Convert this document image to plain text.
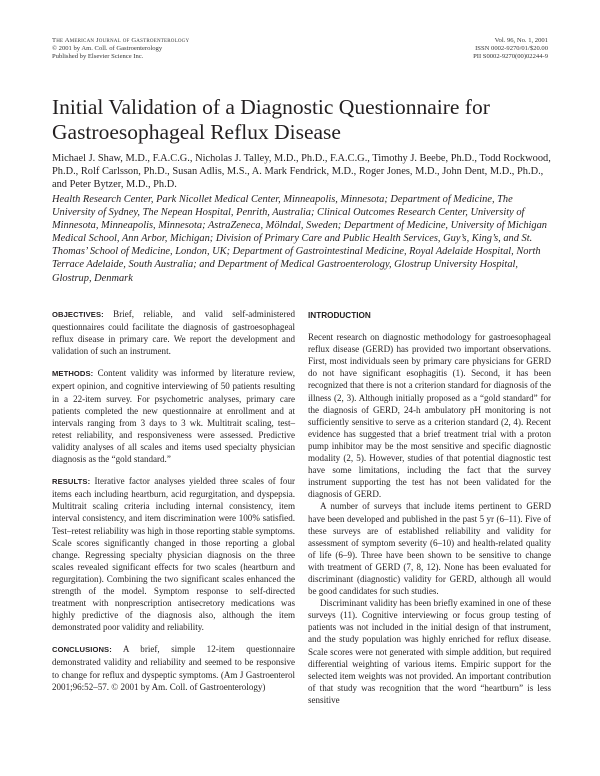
The American Journal of Gastroenterology
© 2001 by Am. Coll. of Gastroenterology
Published by Elsevier Science Inc.
Vol. 96, No. 1, 2001
ISSN 0002-9270/01/$20.00
PII S0002-9270(00)02244-9
Initial Validation of a Diagnostic Questionnaire for Gastroesophageal Reflux Disease
Michael J. Shaw, M.D., F.A.C.G., Nicholas J. Talley, M.D., Ph.D., F.A.C.G., Timothy J. Beebe, Ph.D., Todd Rockwood, Ph.D., Rolf Carlsson, Ph.D., Susan Adlis, M.S., A. Mark Fendrick, M.D., Roger Jones, M.D., John Dent, M.D., Ph.D., and Peter Bytzer, M.D., Ph.D.
Health Research Center, Park Nicollet Medical Center, Minneapolis, Minnesota; Department of Medicine, The University of Sydney, The Nepean Hospital, Penrith, Australia; Clinical Outcomes Research Center, University of Minnesota, Minneapolis, Minnesota; AstraZeneca, Mölndal, Sweden; Department of Medicine, University of Michigan Medical School, Ann Arbor, Michigan; Division of Primary Care and Public Health Services, Guy’s, King’s, and St. Thomas’ School of Medicine, London, UK; Department of Gastrointestinal Medicine, Royal Adelaide Hospital, North Terrace Adelaide, South Australia; and Department of Medical Gastroenterology, Glostrup University Hospital, Glostrup, Denmark

OBJECTIVES: Brief, reliable, and valid self-administered questionnaires could facilitate the diagnosis of gastroesophageal reflux disease in primary care. We report the development and validation of such an instrument.

METHODS: Content validity was informed by literature review, expert opinion, and cognitive interviewing of 50 patients resulting in a 22-item survey. For psychometric analyses, primary care patients completed the new questionnaire at enrollment and at intervals ranging from 3 days to 3 wk. Multitrait scaling, test–retest reliability, and responsiveness were assessed. Predictive validity analyses of all scales and items used specialty physician diagnosis as the “gold standard.”

RESULTS: Iterative factor analyses yielded three scales of four items each including heartburn, acid regurgitation, and dyspepsia. Multitrait scaling criteria including internal consistency, item interval consistency, and item discrimination were 100% satisfied. Test–retest reliability was high in those reporting stable symptoms. Scale scores significantly changed in those reporting a global change. Regressing specialty physician diagnosis on the three scales revealed significant effects for two scales (heartburn and regurgitation). Combining the two significant scales enhanced the strength of the model. Symptom response to self-directed treatment with nonprescription antisecretory medications was highly predictive of the diagnosis also, although the item demonstrated poor validity and reliability.

CONCLUSIONS: A brief, simple 12-item questionnaire demonstrated validity and reliability and seemed to be responsive to change for reflux and dyspeptic symptoms. (Am J Gastroenterol 2001;96:52–57. © 2001 by Am. Coll. of Gastroenterology)

INTRODUCTION

Recent research on diagnostic methodology for gastroesophageal reflux disease (GERD) has provided two important observations. First, most individuals seen by primary care physicians for GERD do not have significant esophagitis (1). Second, it has been recognized that there is not a criterion standard for diagnosis of the illness (2, 3). Although initially proposed as a “gold standard” for the diagnosis of GERD, 24-h ambulatory pH monitoring is not sufficiently sensitive to serve as a criterion standard (2, 4). Recent evidence has suggested that a brief treatment trial with a proton pump inhibitor may be the most sensitive and specific diagnostic modality (2, 5). However, studies of that potential diagnostic test have some limitations, including the fact that the survey instrument supporting the test has not been validated for the diagnosis of GERD.

A number of surveys that include items pertinent to GERD have been developed and published in the past 5 yr (6–11). Five of these surveys are of established reliability and validity for assessment of symptom severity (6–10) and health-related quality of life (6–9). Three have been shown to be sensitive to change with treatment of GERD (7, 8, 12). None has been evaluated for discriminant (diagnostic) validity for GERD, although all would be good candidates for such studies.

Discriminant validity has been briefly examined in one of these surveys (11). Cognitive interviewing or focus group testing of patients was not included in the initial design of that instrument, and the study population was highly enriched for reflux disease. Scale scores were not generated with simple addition, but required differential weighting of various items. Empiric support for the selected item weights was not provided. An important contribution of that study was recognition that the word “heartburn” is less sensitive
